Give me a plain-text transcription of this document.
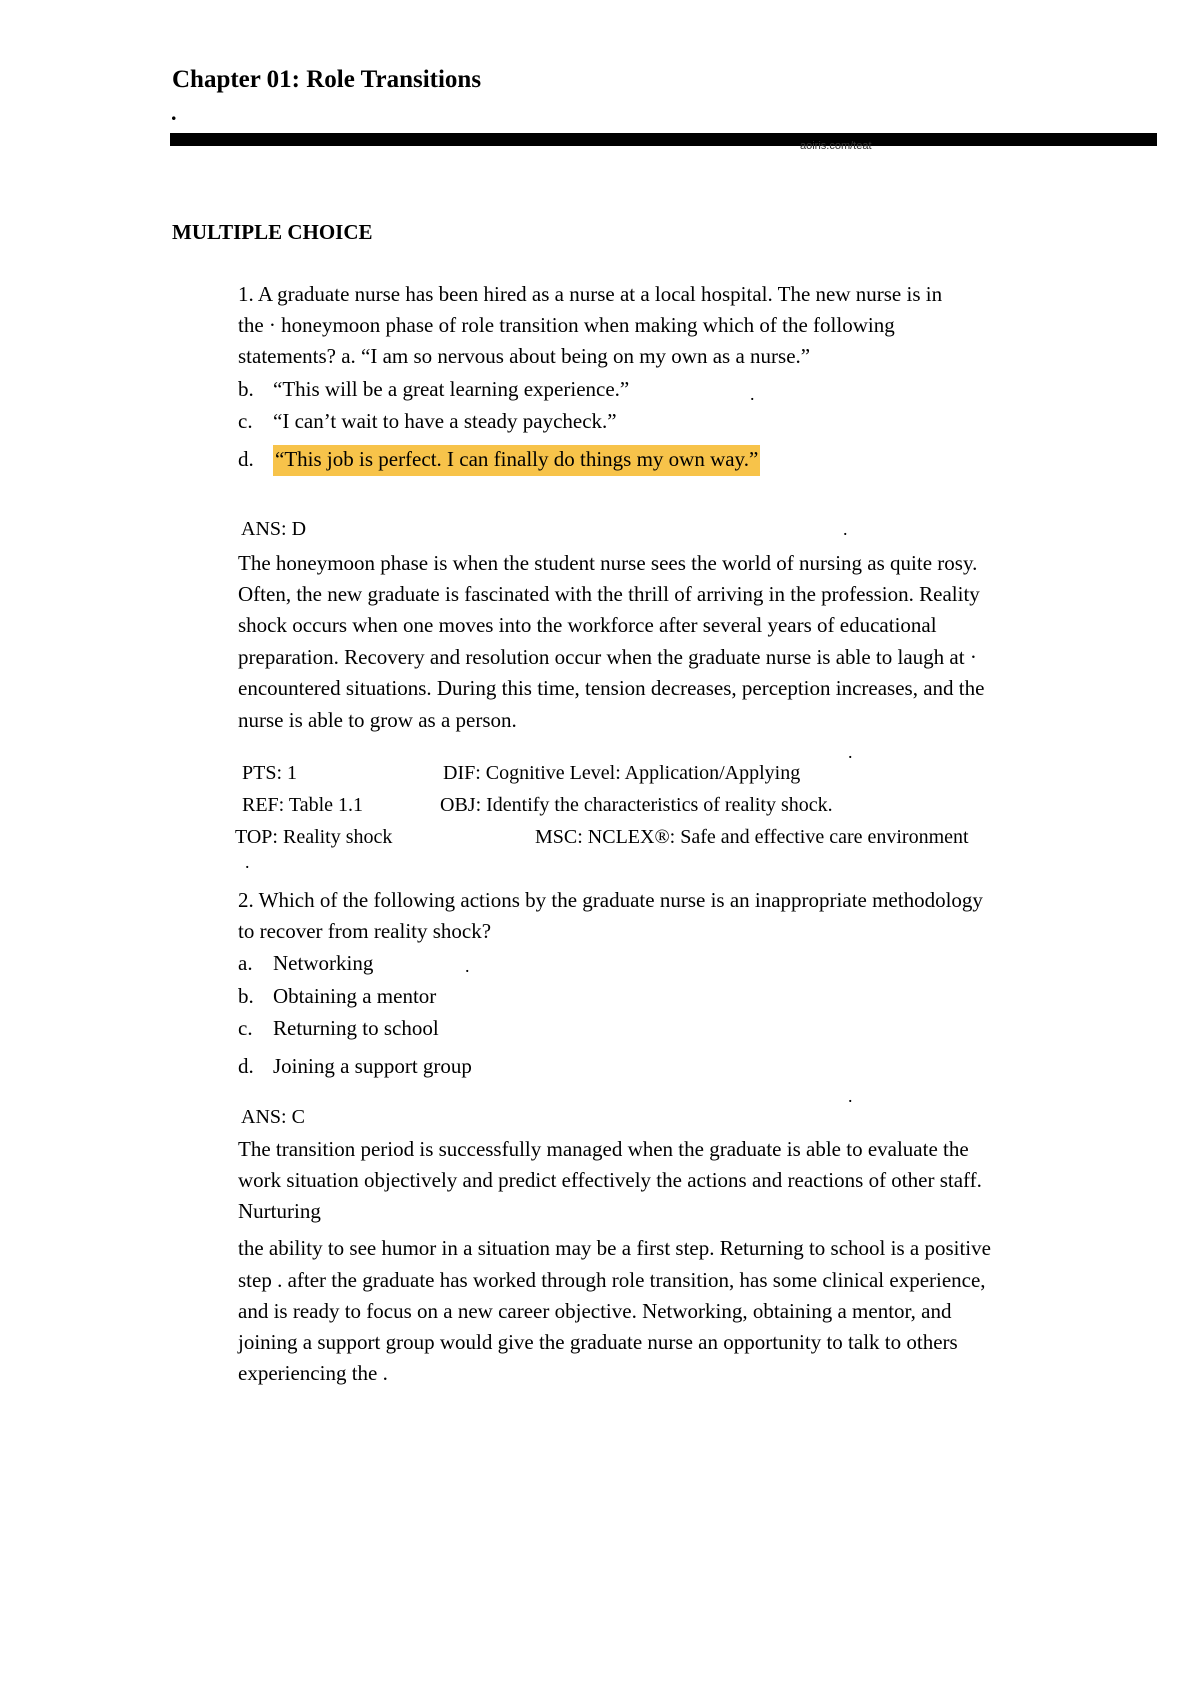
Chapter 01: Role Transitions
.
aoiris.com/teat
MULTIPLE CHOICE
1. A graduate nurse has been hired as a nurse at a local hospital. The new nurse is in
the · honeymoon phase of role transition when making which of the following
statements? a. “I am so nervous about being on my own as a nurse.”
b. “This will be a great learning experience.”	.
c. “I can’t wait to have a steady paycheck.”
d. “This job is perfect. I can finally do things my own way.”
ANS: D	.
The honeymoon phase is when the student nurse sees the world of nursing as quite rosy.
Often, the new graduate is fascinated with the thrill of arriving in the profession. Reality
shock occurs when one moves into the workforce after several years of educational
preparation. Recovery and resolution occur when the graduate nurse is able to laugh at ·
encountered situations. During this time, tension decreases, perception increases, and the
nurse is able to grow as a person.
.
PTS: 1	DIF: Cognitive Level: Application/Applying
REF: Table 1.1	OBJ: Identify the characteristics of reality shock.
TOP: Reality shock	MSC: NCLEX®: Safe and effective care environment
.
2. Which of the following actions by the graduate nurse is an inappropriate methodology
to recover from reality shock?
a. Networking	.
b. Obtaining a mentor
c. Returning to school
d. Joining a support group
.
ANS: C
The transition period is successfully managed when the graduate is able to evaluate the
work situation objectively and predict effectively the actions and reactions of other staff.
Nurturing
the ability to see humor in a situation may be a first step. Returning to school is a positive
step . after the graduate has worked through role transition, has some clinical experience,
and is ready to focus on a new career objective. Networking, obtaining a mentor, and
joining a support group would give the graduate nurse an opportunity to talk to others
experiencing the .
